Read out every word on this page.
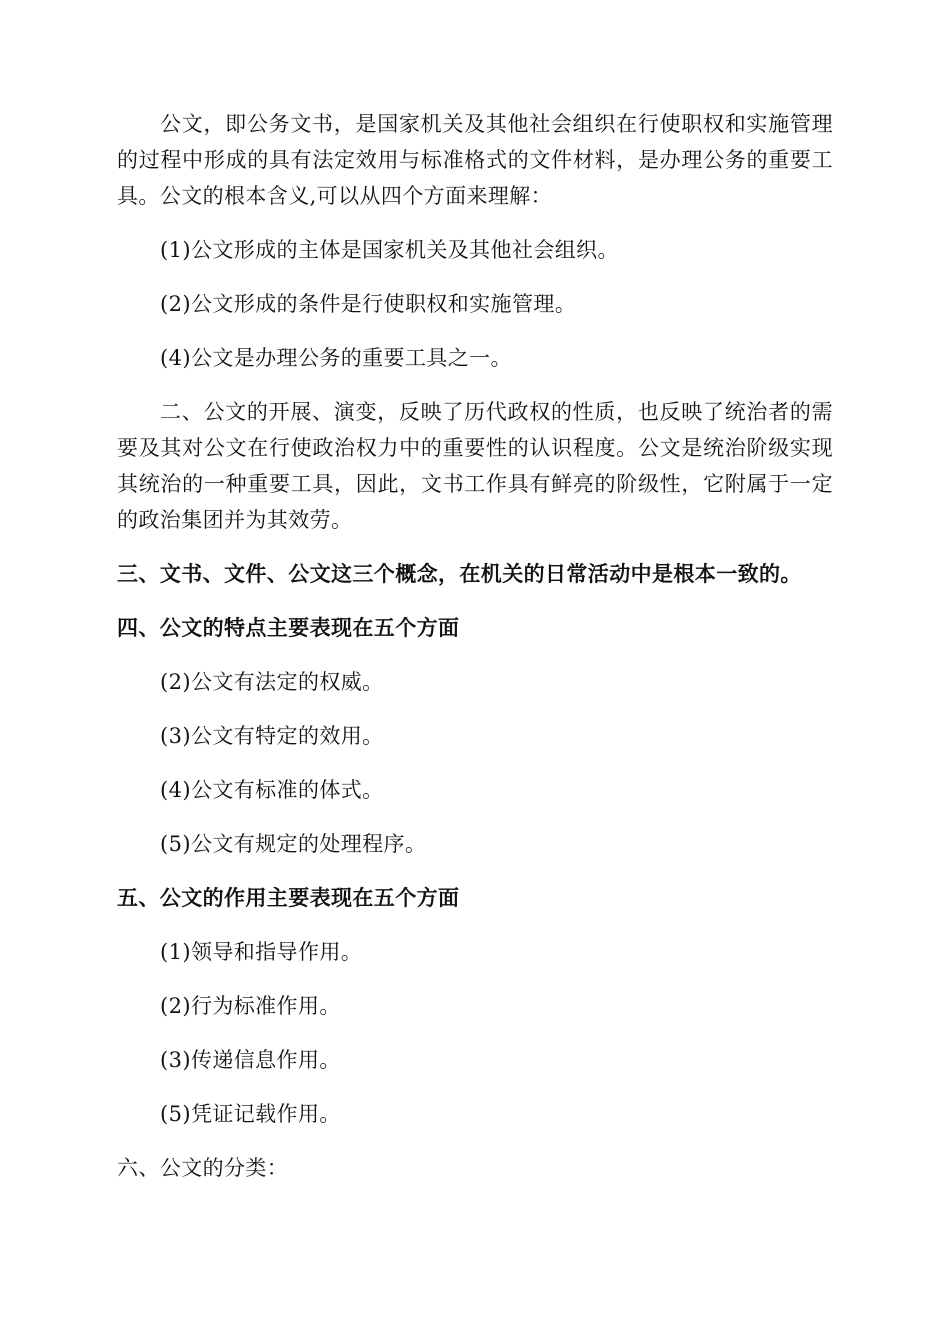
公文，即公务文书，是国家机关及其他社会组织在行使职权和实施管理的过程中形成的具有法定效用与标准格式的文件材料，是办理公务的重要工具。公文的根本含义,可以从四个方面来理解：

(1)公文形成的主体是国家机关及其他社会组织。

(2)公文形成的条件是行使职权和实施管理。

(4)公文是办理公务的重要工具之一。

二、公文的开展、演变，反映了历代政权的性质，也反映了统治者的需要及其对公文在行使政治权力中的重要性的认识程度。公文是统治阶级实现其统治的一种重要工具，因此，文书工作具有鲜亮的阶级性，它附属于一定的政治集团并为其效劳。

三、文书、文件、公文这三个概念，在机关的日常活动中是根本一致的。

四、公文的特点主要表现在五个方面

(2)公文有法定的权威。

(3)公文有特定的效用。

(4)公文有标准的体式。

(5)公文有规定的处理程序。

五、公文的作用主要表现在五个方面

(1)领导和指导作用。

(2)行为标准作用。

(3)传递信息作用。

(5)凭证记载作用。

六、公文的分类：
